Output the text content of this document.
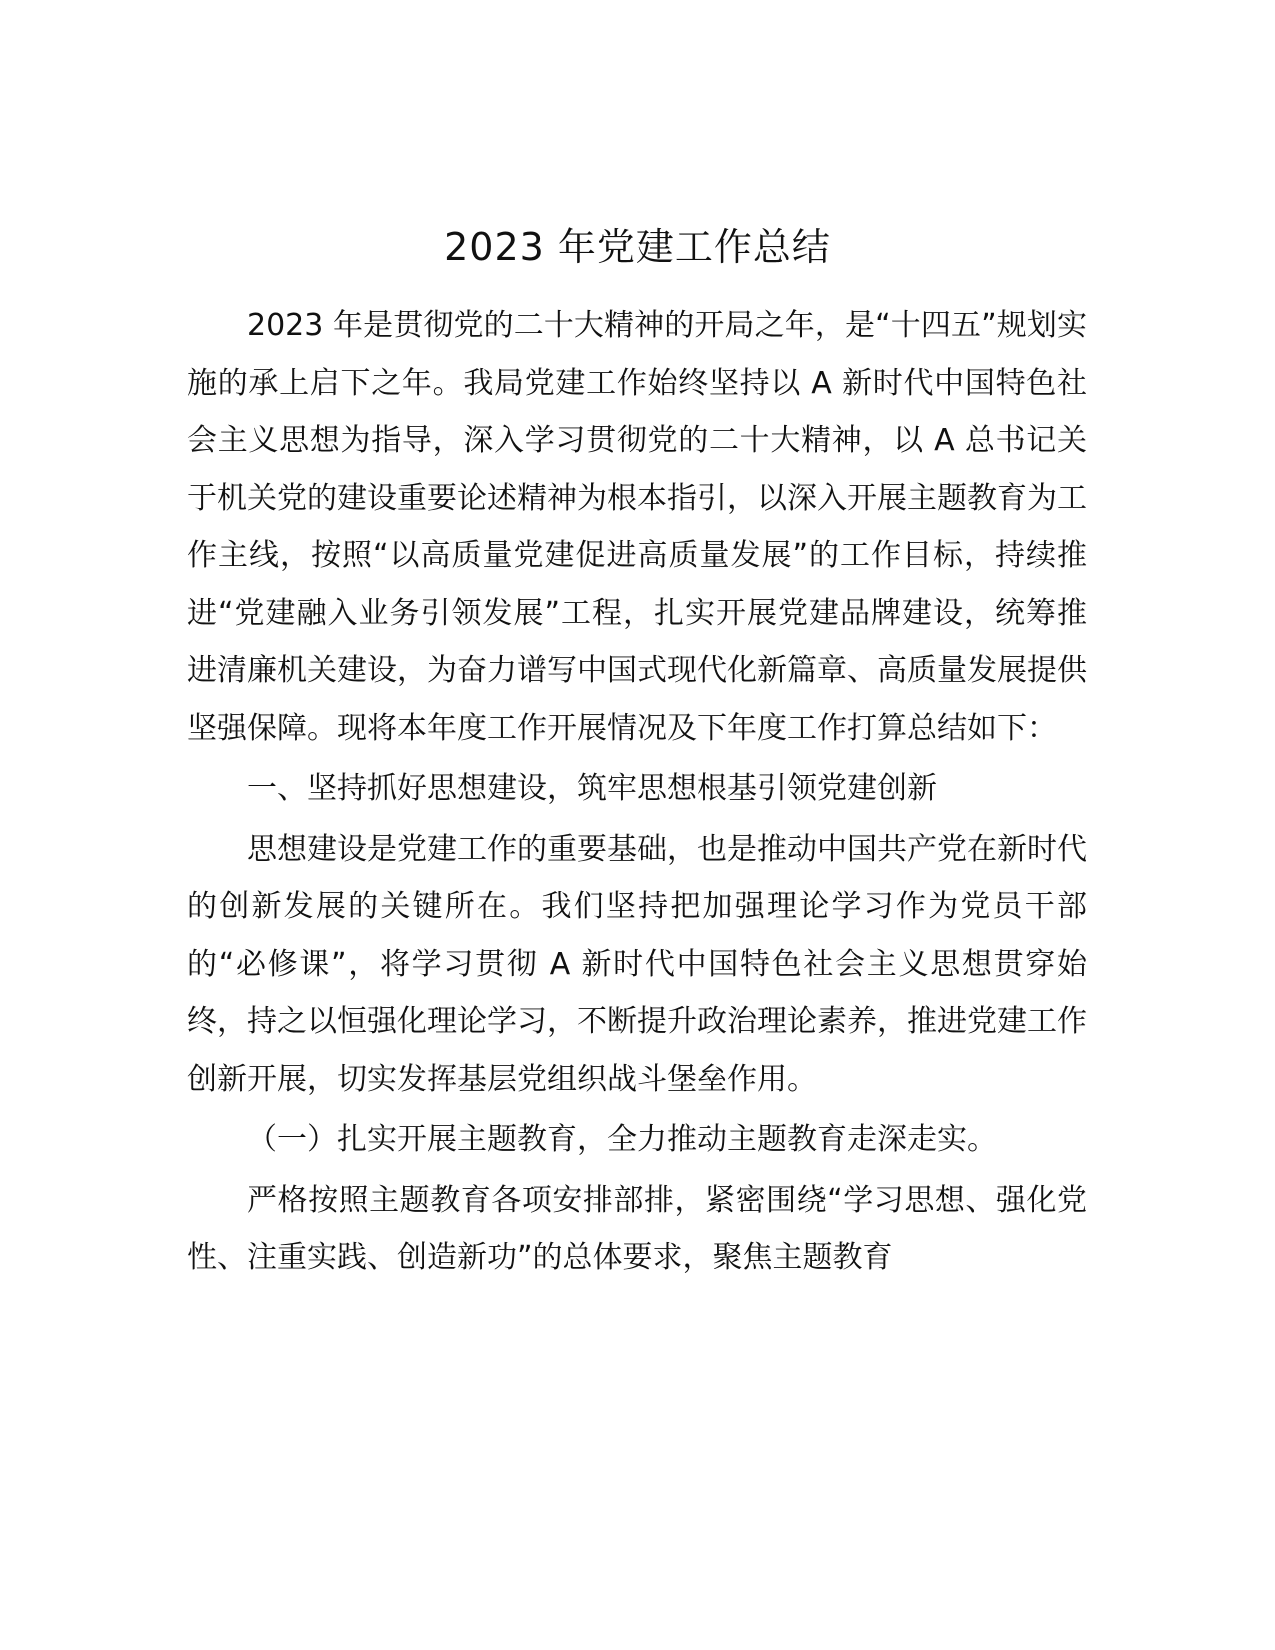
2023 年党建工作总结

2023 年是贯彻党的二十大精神的开局之年，是“十四五”规划实施的承上启下之年。我局党建工作始终坚持以 A 新时代中国特色社会主义思想为指导，深入学习贯彻党的二十大精神，以 A 总书记关于机关党的建设重要论述精神为根本指引，以深入开展主题教育为工作主线，按照“以高质量党建促进高质量发展”的工作目标，持续推进“党建融入业务引领发展”工程，扎实开展党建品牌建设，统筹推进清廉机关建设，为奋力谱写中国式现代化新篇章、高质量发展提供坚强保障。现将本年度工作开展情况及下年度工作打算总结如下：

一、坚持抓好思想建设，筑牢思想根基引领党建创新

思想建设是党建工作的重要基础，也是推动中国共产党在新时代的创新发展的关键所在。我们坚持把加强理论学习作为党员干部的“必修课”，将学习贯彻 A 新时代中国特色社会主义思想贯穿始终，持之以恒强化理论学习，不断提升政治理论素养，推进党建工作创新开展，切实发挥基层党组织战斗堡垒作用。

（一）扎实开展主题教育，全力推动主题教育走深走实。

严格按照主题教育各项安排部排，紧密围绕“学习思想、强化党性、注重实践、创造新功”的总体要求，聚焦主题教育
